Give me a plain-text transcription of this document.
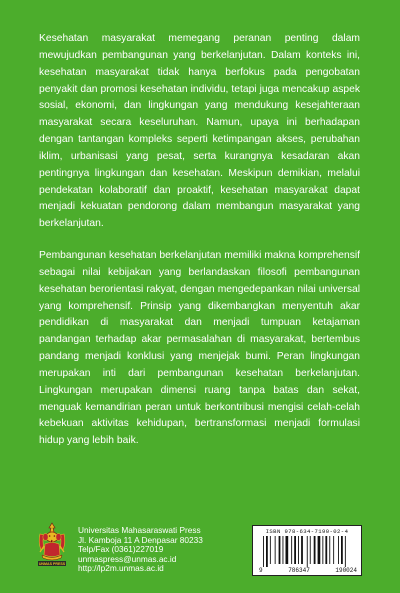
Kesehatan masyarakat memegang peranan penting dalam mewujudkan pembangunan yang berkelanjutan. Dalam konteks ini, kesehatan masyarakat tidak hanya berfokus pada pengobatan penyakit dan promosi kesehatan individu, tetapi juga mencakup aspek sosial, ekonomi, dan lingkungan yang mendukung kesejahteraan masyarakat secara keseluruhan. Namun, upaya ini berhadapan dengan tantangan kompleks seperti ketimpangan akses, perubahan iklim, urbanisasi yang pesat, serta kurangnya kesadaran akan pentingnya lingkungan dan kesehatan. Meskipun demikian, melalui pendekatan kolaboratif dan proaktif, kesehatan masyarakat dapat menjadi kekuatan pendorong dalam membangun masyarakat yang berkelanjutan.

Pembangunan kesehatan berkelanjutan memiliki makna komprehensif sebagai nilai kebijakan yang berlandaskan filosofi pembangunan kesehatan berorientasi rakyat, dengan mengedepankan nilai universal yang komprehensif. Prinsip yang dikembangkan menyentuh akar pendidikan di masyarakat dan menjadi tumpuan ketajaman pandangan terhadap akar permasalahan di masyarakat, bertembus pandang menjadi konklusi yang menjejak bumi. Peran lingkungan merupakan inti dari pembangunan kesehatan berkelanjutan. Lingkungan merupakan dimensi ruang tanpa batas dan sekat, menguak kemandirian peran untuk berkontribusi mengisi celah-celah kebekuan aktivitas kehidupan, bertransformasi menjadi formulasi hidup yang lebih baik.

UNMAS PRESS
Universitas Mahasaraswati Press
Jl. Kamboja 11 A Denpasar 80233
Telp/Fax (0361)227019
unmaspress@unmas.ac.id
http://lp2m.unmas.ac.id
ISBN 978-634-7190-02-4
9	786347	190024
